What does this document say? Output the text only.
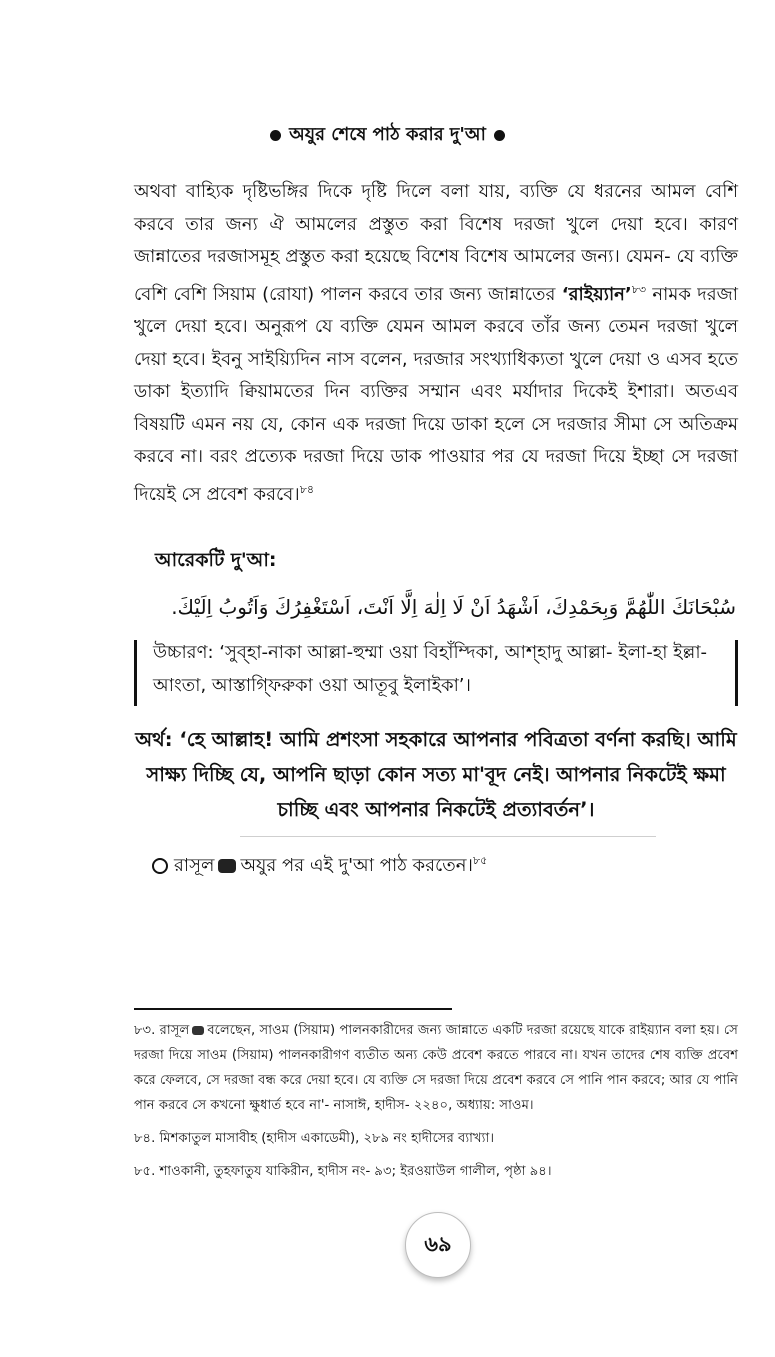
অযুর শেষে পাঠ করার দু'আ
অথবা বাহ্যিক দৃষ্টিভঙ্গির দিকে দৃষ্টি দিলে বলা যায়, ব্যক্তি যে ধরনের আমল বেশি করবে তার জন্য ঐ আমলের প্রস্তুত করা বিশেষ দরজা খুলে দেয়া হবে। কারণ জান্নাতের দরজাসমূহ প্রস্তুত করা হয়েছে বিশেষ বিশেষ আমলের জন্য। যেমন- যে ব্যক্তি বেশি বেশি সিয়াম (রোযা) পালন করবে তার জন্য জান্নাতের ‘রাইয়্যান’$^{৮৩}$ নামক দরজা খুলে দেয়া হবে। অনুরূপ যে ব্যক্তি যেমন আমল করবে তাঁর জন্য তেমন দরজা খুলে দেয়া হবে। ইবনু সাইয়্যিদিন নাস বলেন, দরজার সংখ্যাধিক্যতা খুলে দেয়া ও এসব হতে ডাকা ইত্যাদি ক্বিয়ামতের দিন ব্যক্তির সম্মান এবং মর্যাদার দিকেই ইশারা। অতএব বিষয়টি এমন নয় যে, কোন এক দরজা দিয়ে ডাকা হলে সে দরজার সীমা সে অতিক্রম করবে না। বরং প্রত্যেক দরজা দিয়ে ডাক পাওয়ার পর যে দরজা দিয়ে ইচ্ছা সে দরজা দিয়েই সে প্রবেশ করবে।$^{৮৪}$
আরেকটি দু'আ:
سُبْحَانَكَ اللّٰهُمَّ وَبِحَمْدِكَ، اَشْهَدُ اَنْ لَا اِلٰهَ اِلَّا اَنْتَ، اَسْتَغْفِرُكَ وَاَتُوبُ اِلَيْكَ.
উচ্চারণ: ‘সুব্হা-নাকা আল্লা-হুম্মা ওয়া বিহাঁম্দিকা, আশ্হাদু আল্লা- ইলা-হা ইল্লা- আংতা, আস্তাগ্ফিরুকা ওয়া আতূবু ইলাইকা’।
অর্থ: ‘হে আল্লাহ! আমি প্রশংসা সহকারে আপনার পবিত্রতা বর্ণনা করছি। আমি সাক্ষ্য দিচ্ছি যে, আপনি ছাড়া কোন সত্য মা'বূদ নেই। আপনার নিকটেই ক্ষমা চাচ্ছি এবং আপনার নিকটেই প্রত্যাবর্তন’।
রাসূল অযুর পর এই দু'আ পাঠ করতেন।$^{৮৫}$

৮৩. রাসূল বলেছেন, সাওম (সিয়াম) পালনকারীদের জন্য জান্নাতে একটি দরজা রয়েছে যাকে রাইয়্যান বলা হয়। সে দরজা দিয়ে সাওম (সিয়াম) পালনকারীগণ ব্যতীত অন্য কেউ প্রবেশ করতে পারবে না। যখন তাদের শেষ ব্যক্তি প্রবেশ করে ফেলবে, সে দরজা বন্ধ করে দেয়া হবে। যে ব্যক্তি সে দরজা দিয়ে প্রবেশ করবে সে পানি পান করবে; আর যে পানি পান করবে সে কখনো ক্ষুধার্ত হবে না'- নাসাঈ, হাদীস- ২২৪০, অধ্যায়: সাওম।

৮৪. মিশকাতুল মাসাবীহ (হাদীস একাডেমী), ২৮৯ নং হাদীসের ব্যাখ্যা।

৮৫. শাওকানী, তুহফাতুয যাকিরীন, হাদীস নং- ৯৩; ইরওয়াউল গালীল, পৃষ্ঠা ৯৪।

৬৯
